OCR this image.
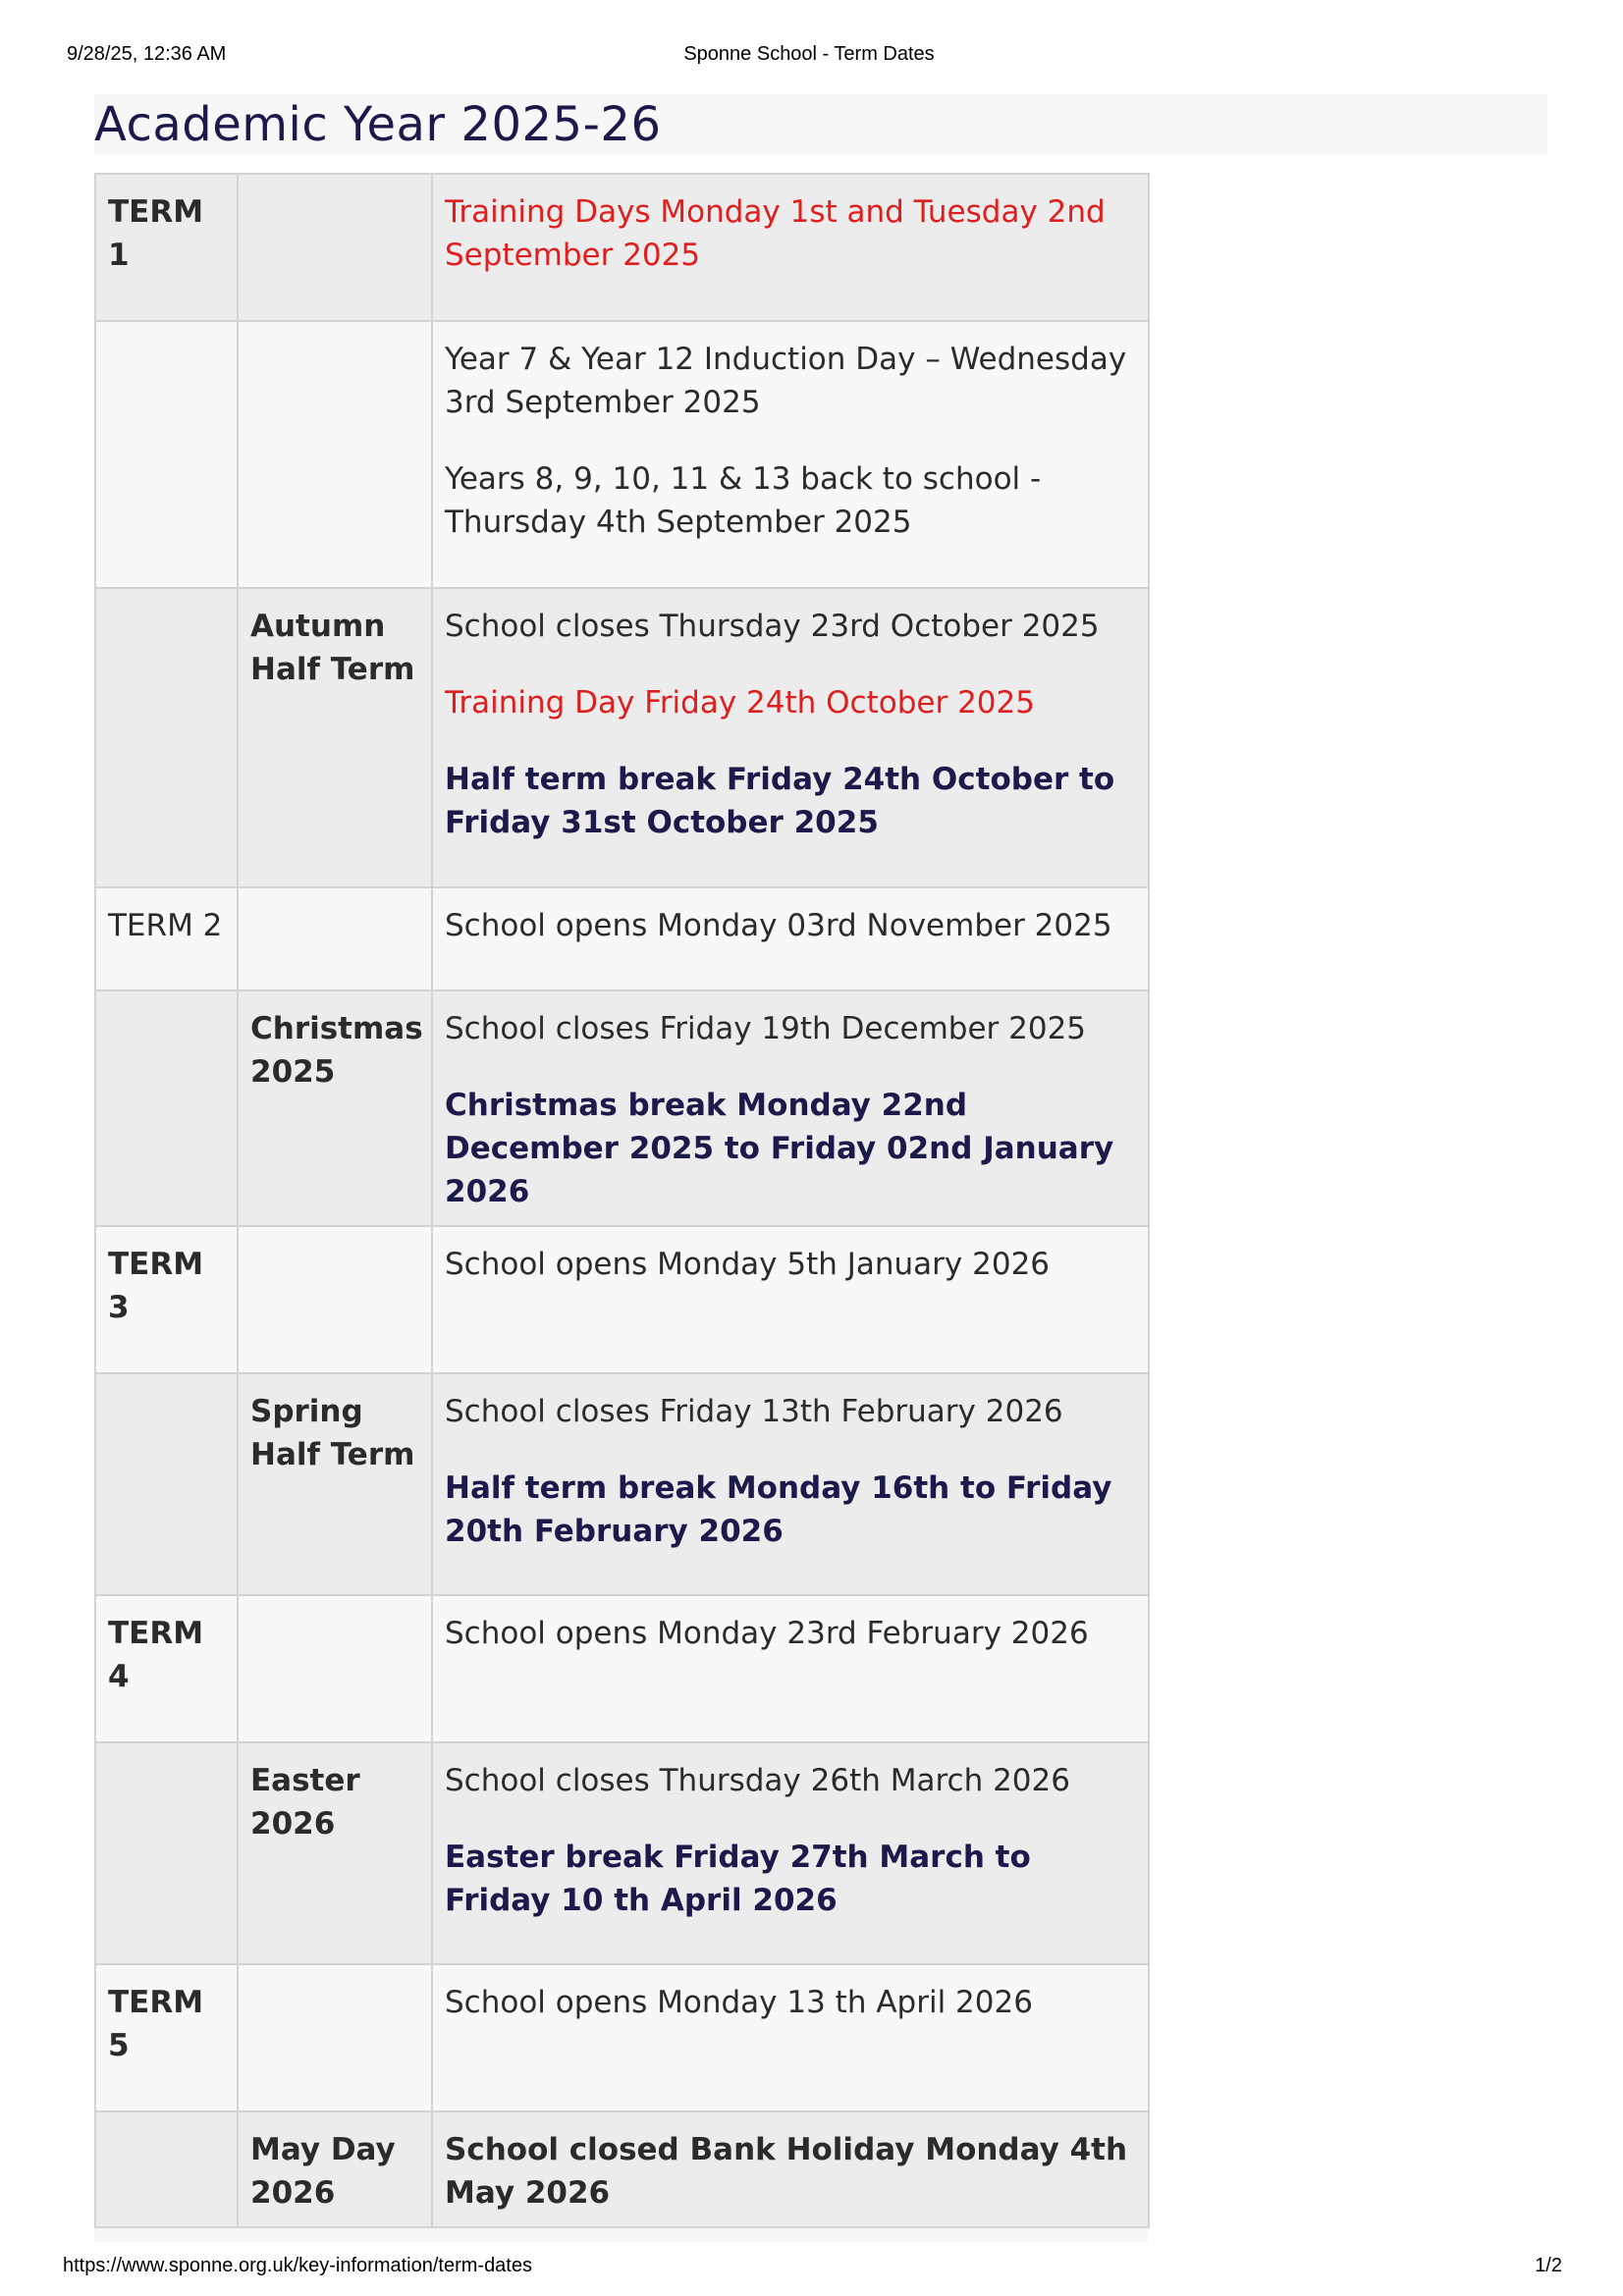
9/28/25, 12:36 AM	Sponne School - Term Dates
Academic Year 2025-26
TERM 1		Training Days Monday 1st and Tuesday 2nd September 2025

		Year 7 & Year 12 Induction Day – Wednesday 3rd September 2025
Years 8, 9, 10, 11 & 13 back to school - Thursday 4th September 2025

	Autumn Half Term	School closes Thursday 23rd October 2025
Training Day Friday 24th October 2025
Half term break Friday 24th October to Friday 31st October 2025

TERM 2		School opens Monday 03rd November 2025

	Christmas 2025	School closes Friday 19th December 2025
Christmas break Monday 22nd December 2025 to Friday 02nd January 2026

TERM 3		School opens Monday 5th January 2026

	Spring Half Term	School closes Friday 13th February 2026
Half term break Monday 16th to Friday 20th February 2026

TERM 4		School opens Monday 23rd February 2026

	Easter 2026	School closes Thursday 26th March 2026
Easter break Friday 27th March to Friday 10 th April 2026

TERM 5		School opens Monday 13 th April 2026

	May Day 2026	School closed Bank Holiday Monday 4th May 2026
https://www.sponne.org.uk/key-information/term-dates	1/2
